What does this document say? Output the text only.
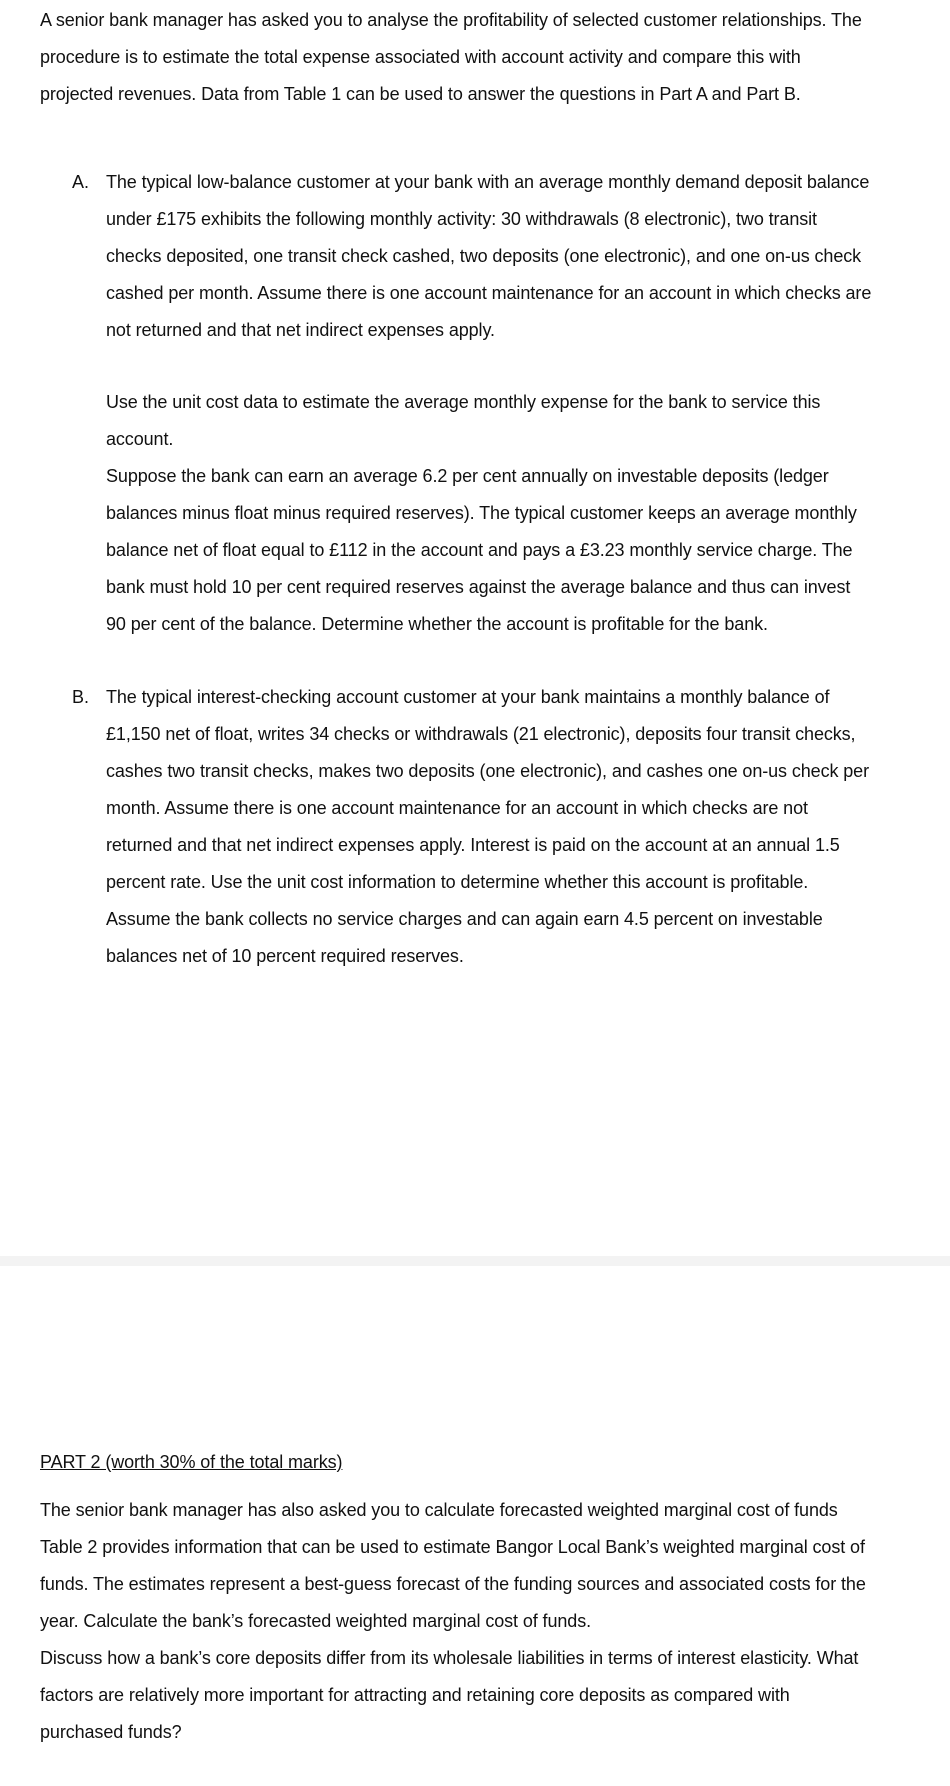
A senior bank manager has asked you to analyse the profitability of selected customer relationships. The procedure is to estimate the total expense associated with account activity and compare this with projected revenues. Data from Table 1 can be used to answer the questions in Part A and Part B.

A. The typical low-balance customer at your bank with an average monthly demand deposit balance under £175 exhibits the following monthly activity: 30 withdrawals (8 electronic), two transit checks deposited, one transit check cashed, two deposits (one electronic), and one on-us check cashed per month. Assume there is one account maintenance for an account in which checks are not returned and that net indirect expenses apply.

Use the unit cost data to estimate the average monthly expense for the bank to service this account.

Suppose the bank can earn an average 6.2 per cent annually on investable deposits (ledger balances minus float minus required reserves). The typical customer keeps an average monthly balance net of float equal to £112 in the account and pays a £3.23 monthly service charge. The bank must hold 10 per cent required reserves against the average balance and thus can invest 90 per cent of the balance. Determine whether the account is profitable for the bank.

B. The typical interest-checking account customer at your bank maintains a monthly balance of £1,150 net of float, writes 34 checks or withdrawals (21 electronic), deposits four transit checks, cashes two transit checks, makes two deposits (one electronic), and cashes one on-us check per month. Assume there is one account maintenance for an account in which checks are not returned and that net indirect expenses apply. Interest is paid on the account at an annual 1.5 percent rate. Use the unit cost information to determine whether this account is profitable. Assume the bank collects no service charges and can again earn 4.5 percent on investable balances net of 10 percent required reserves.

PART 2 (worth 30% of the total marks)

The senior bank manager has also asked you to calculate forecasted weighted marginal cost of funds Table 2 provides information that can be used to estimate Bangor Local Bank’s weighted marginal cost of funds. The estimates represent a best-guess forecast of the funding sources and associated costs for the year. Calculate the bank’s forecasted weighted marginal cost of funds.

Discuss how a bank’s core deposits differ from its wholesale liabilities in terms of interest elasticity. What factors are relatively more important for attracting and retaining core deposits as compared with purchased funds?
